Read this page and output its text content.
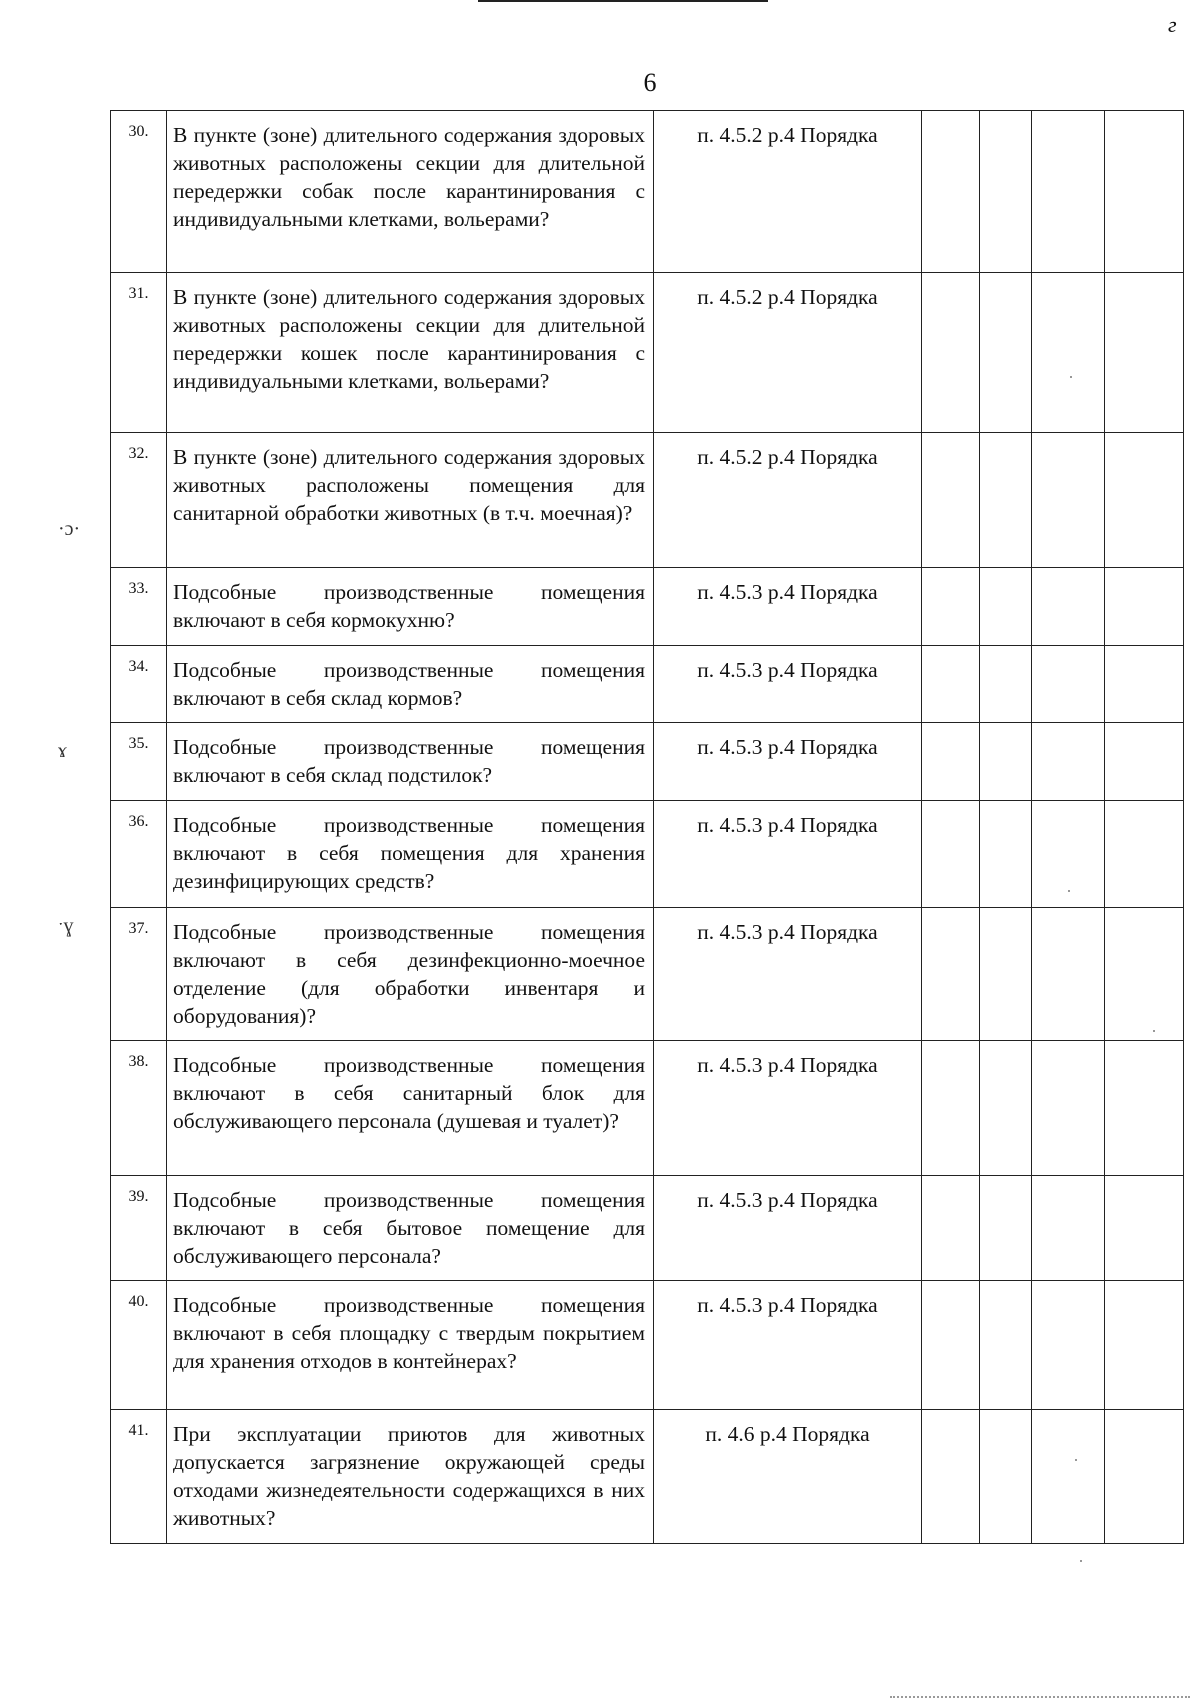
г
6
·ɔ·
ɤ
ˑɣ
30.	В пункте (зоне) длительного содержания здоровых животных расположены секции для длительной передержки собак после карантинирования с индивидуальными клетками, вольерами?	п. 4.5.2 р.4 Порядка				
31.	В пункте (зоне) длительного содержания здоровых животных расположены секции для длительной передержки кошек после карантинирования с индивидуальными клетками, вольерами?	п. 4.5.2 р.4 Порядка				
32.	В пункте (зоне) длительного содержания здоровых животных расположены помещения для санитарной обработки животных (в т.ч. моечная)?	п. 4.5.2 р.4 Порядка				
33.	Подсобные производственные помещения включают в себя кормокухню?	п. 4.5.3 р.4 Порядка				
34.	Подсобные производственные помещения включают в себя склад кормов?	п. 4.5.3 р.4 Порядка				
35.	Подсобные производственные помещения включают в себя склад подстилок?	п. 4.5.3 р.4 Порядка				
36.	Подсобные производственные помещения включают в себя помещения для хранения дезинфицирующих средств?	п. 4.5.3 р.4 Порядка				
37.	Подсобные производственные помещения включают в себя дезинфекционно-моечное отделение (для обработки инвентаря и оборудования)?	п. 4.5.3 р.4 Порядка				
38.	Подсобные производственные помещения включают в себя санитарный блок для обслуживающего персонала (душевая и туалет)?	п. 4.5.3 р.4 Порядка				
39.	Подсобные производственные помещения включают в себя бытовое помещение для обслуживающего персонала?	п. 4.5.3 р.4 Порядка				
40.	Подсобные производственные помещения включают в себя площадку с твердым покрытием для хранения отходов в контейнерах?	п. 4.5.3 р.4 Порядка				
41.	При эксплуатации приютов для животных допускается загрязнение окружающей среды отходами жизнедеятельности содержащихся в них животных?	п. 4.6 р.4 Порядка				
